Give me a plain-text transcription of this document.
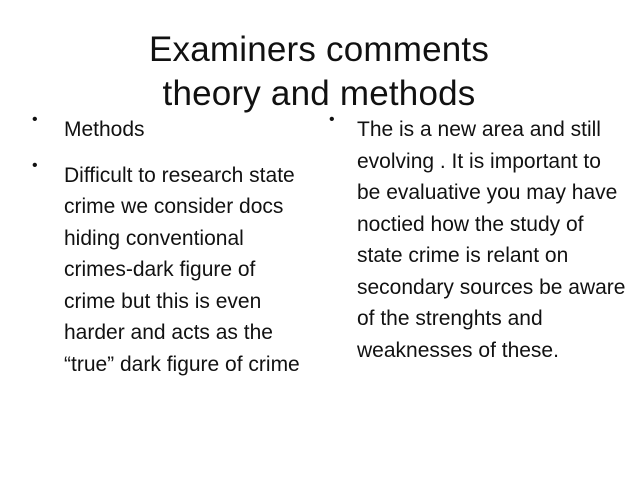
Examiners comments
theory and methods
• Methods
• Difficult to research state crime we consider docs hiding conventional crimes-dark figure of crime but this is even harder and acts as the “true” dark figure of crime
• The is a new area and still evolving . It is important to be evaluative you may have noctied how the study of state crime is relant on secondary sources be aware of the strenghts and weaknesses of these.
